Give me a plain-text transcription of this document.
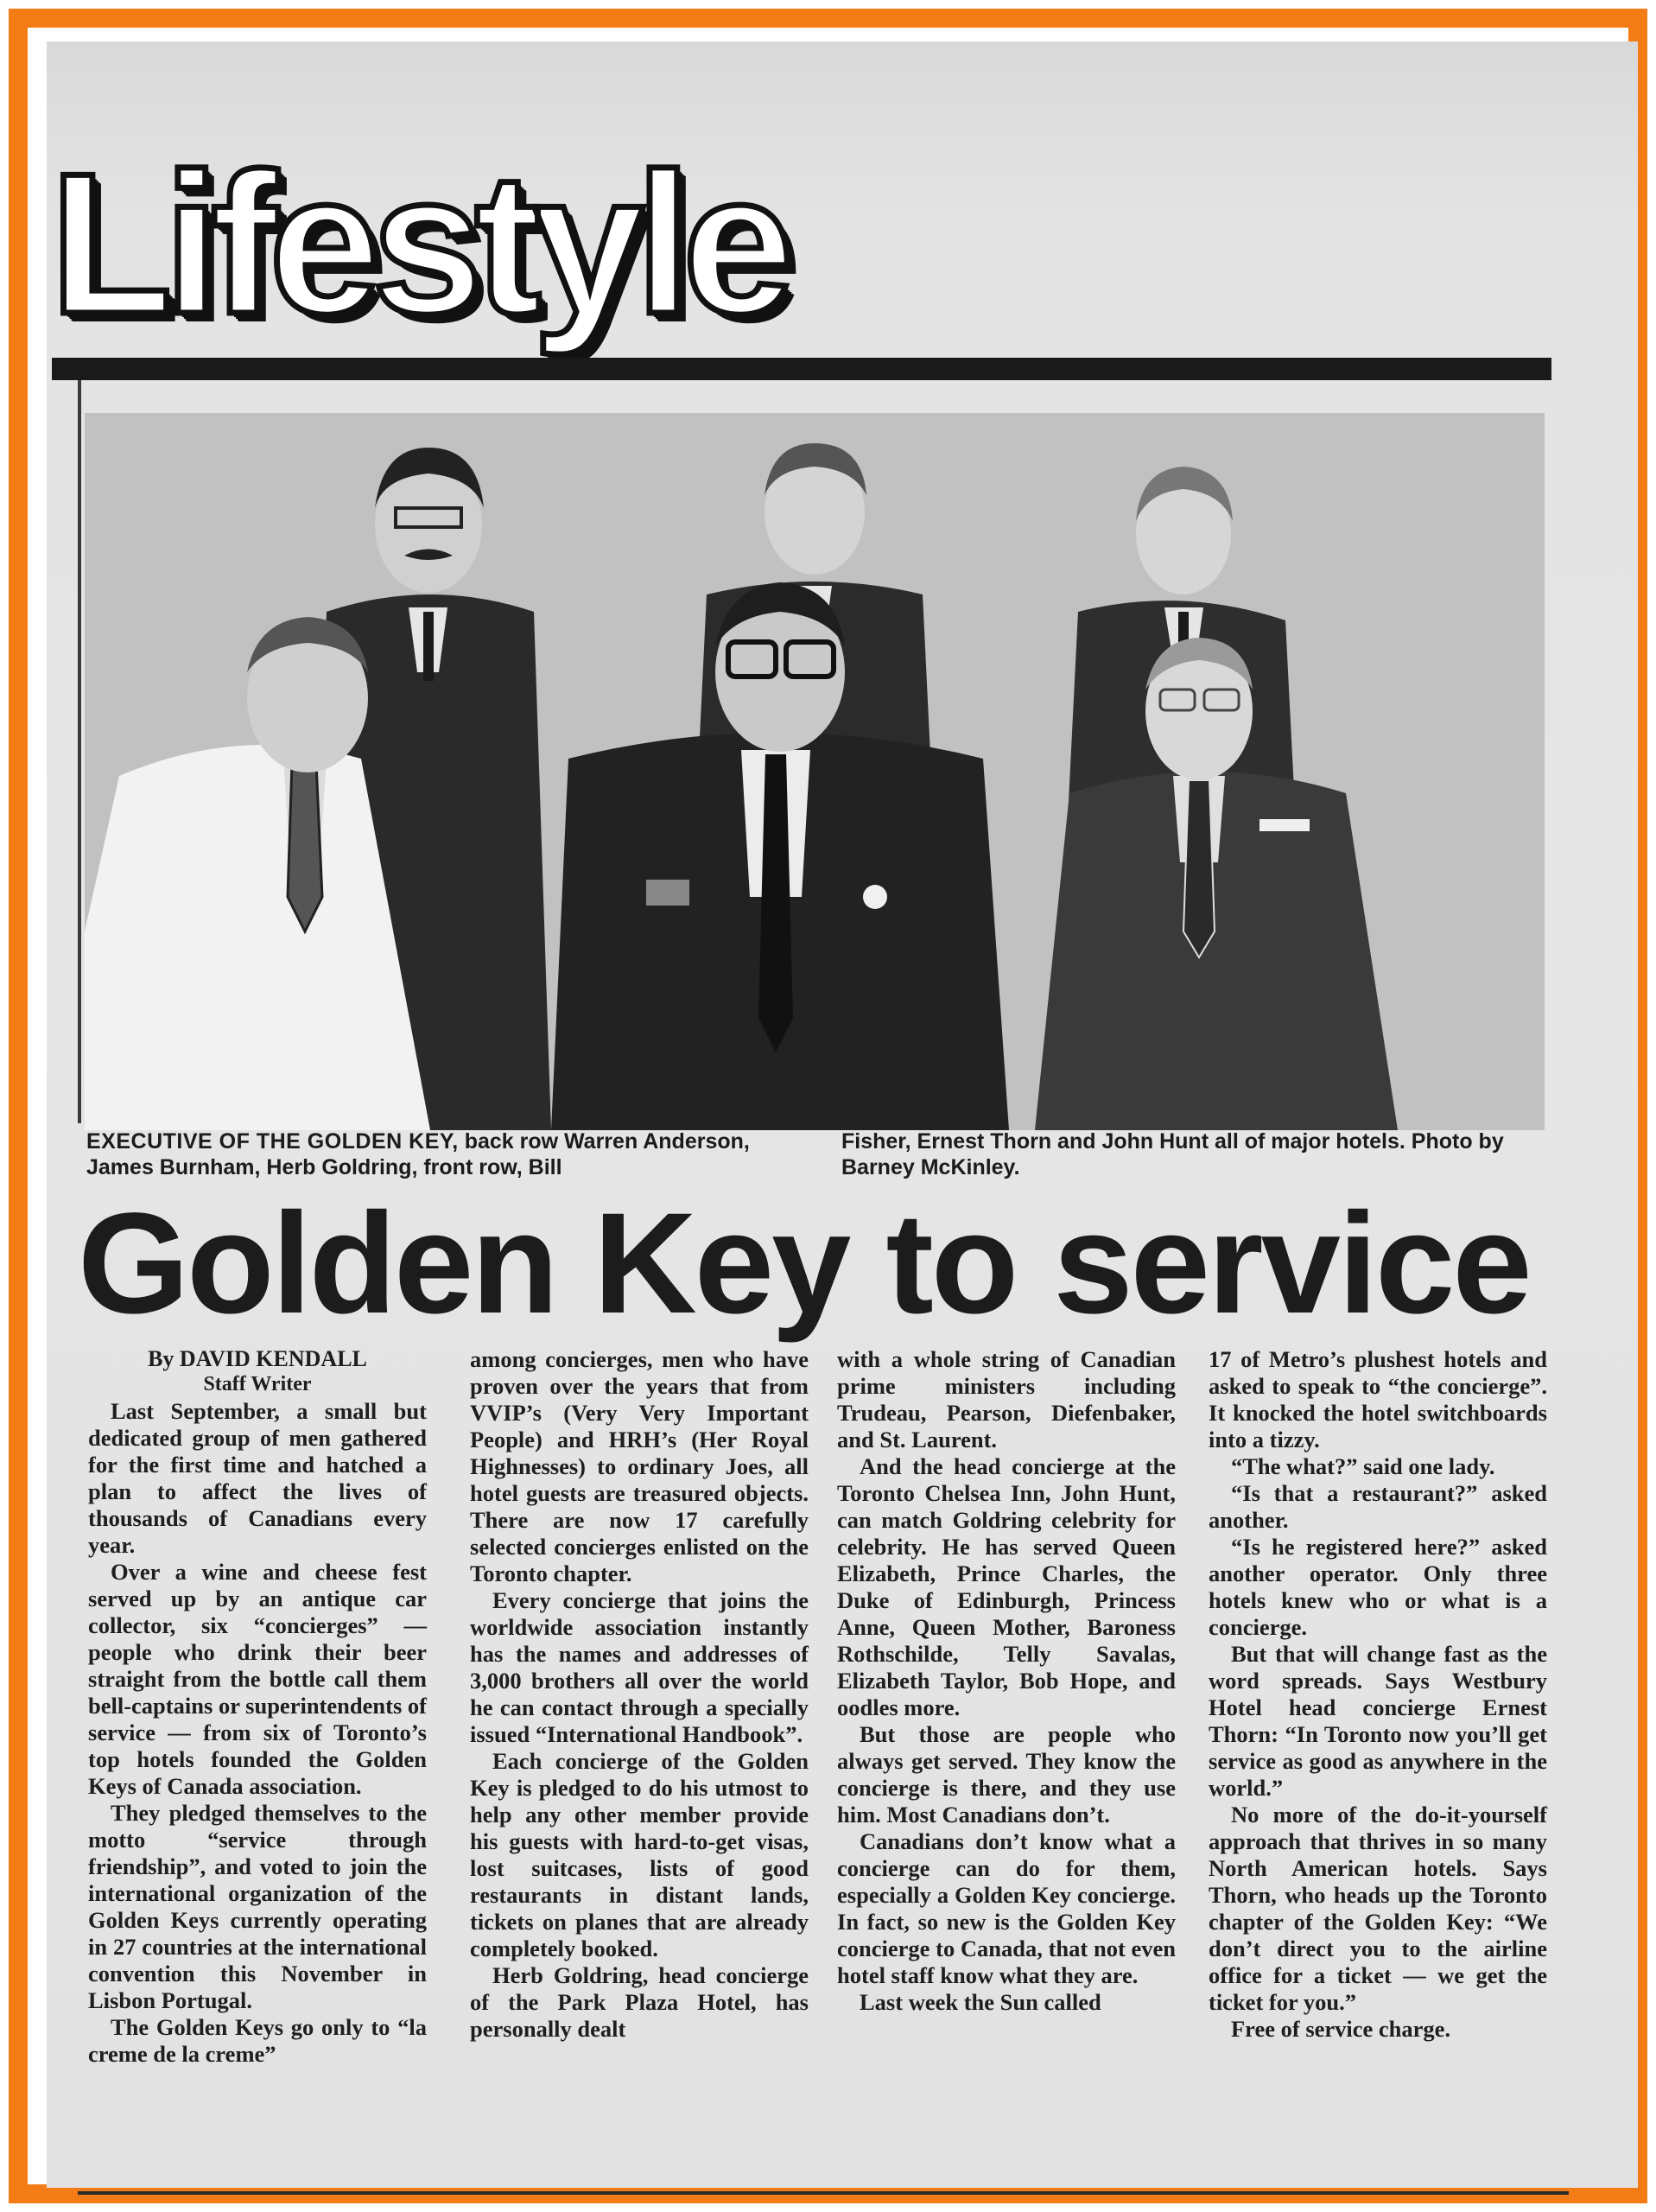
Lifestyle
EXECUTIVE OF THE GOLDEN KEY, back row Warren Anderson, James Burnham, Herb Goldring, front row, Bill
Fisher, Ernest Thorn and John Hunt all of major hotels. Photo by Barney McKinley.
Golden Key to service
By DAVID KENDALL
Staff Writer

Last September, a small but dedicated group of men gathered for the first time and hatched a plan to affect the lives of thousands of Canadians every year.

Over a wine and cheese fest served up by an antique car collector, six “concierges” — people who drink their beer straight from the bottle call them bell-captains or superintendents of service — from six of Toronto’s top hotels founded the Golden Keys of Canada association.

They pledged themselves to the motto “service through friendship”, and voted to join the international organization of the Golden Keys currently operating in 27 countries at the international convention this November in Lisbon Portugal.

The Golden Keys go only to “la creme de la creme”

among concierges, men who have proven over the years that from VVIP’s (Very Very Important People) and HRH’s (Her Royal Highnesses) to ordinary Joes, all hotel guests are treasured objects. There are now 17 carefully selected concierges enlisted on the Toronto chapter.

Every concierge that joins the worldwide association instantly has the names and addresses of 3,000 brothers all over the world he can contact through a specially issued “International Handbook”.

Each concierge of the Golden Key is pledged to do his utmost to help any other member provide his guests with hard-to-get visas, lost suitcases, lists of good restaurants in distant lands, tickets on planes that are already completely booked.

Herb Goldring, head concierge of the Park Plaza Hotel, has personally dealt

with a whole string of Canadian prime ministers including Trudeau, Pearson, Diefenbaker, and St. Laurent.

And the head concierge at the Toronto Chelsea Inn, John Hunt, can match Goldring celebrity for celebrity. He has served Queen Elizabeth, Prince Charles, the Duke of Edinburgh, Princess Anne, Queen Mother, Baroness Rothschilde, Telly Savalas, Elizabeth Taylor, Bob Hope, and oodles more.

But those are people who always get served. They know the concierge is there, and they use him. Most Canadians don’t.

Canadians don’t know what a concierge can do for them, especially a Golden Key concierge. In fact, so new is the Golden Key concierge to Canada, that not even hotel staff know what they are.

Last week the Sun called

17 of Metro’s plushest hotels and asked to speak to “the concierge”. It knocked the hotel switchboards into a tizzy.

“The what?” said one lady.

“Is that a restaurant?” asked another.

“Is he registered here?” asked another operator. Only three hotels knew who or what is a concierge.

But that will change fast as the word spreads. Says Westbury Hotel head concierge Ernest Thorn: “In Toronto now you’ll get service as good as anywhere in the world.”

No more of the do-it-yourself approach that thrives in so many North American hotels. Says Thorn, who heads up the Toronto chapter of the Golden Key: “We don’t direct you to the airline office for a ticket — we get the ticket for you.”

Free of service charge.
